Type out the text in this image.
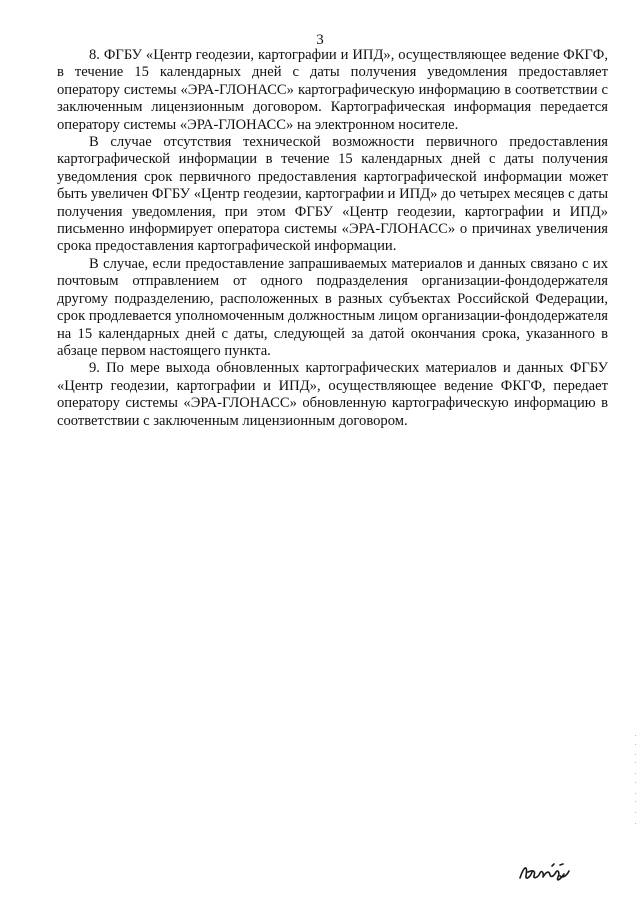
3

8. ФГБУ «Центр геодезии, картографии и ИПД», осуществляющее ведение ФКГФ, в течение 15 календарных дней с даты получения уведомления предоставляет оператору системы «ЭРА-ГЛОНАСС» картографическую информацию в соответствии с заключенным лицензионным договором. Картографическая информация передается оператору системы «ЭРА-ГЛОНАСС» на электронном носителе.

В случае отсутствия технической возможности первичного предоставления картографической информации в течение 15 календарных дней с даты получения уведомления срок первичного предоставления картографической информации может быть увеличен ФГБУ «Центр геодезии, картографии и ИПД» до четырех месяцев с даты получения уведомления, при этом ФГБУ «Центр геодезии, картографии и ИПД» письменно информирует оператора системы «ЭРА-ГЛОНАСС» о причинах увеличения срока предоставления картографической информации.

В случае, если предоставление запрашиваемых материалов и данных связано с их почтовым отправлением от одного подразделения организации-фондодержателя другому подразделению, расположенных в разных субъектах Российской Федерации, срок продлевается уполномоченным должностным лицом организации-фондодержателя на 15 календарных дней с даты, следующей за датой окончания срока, указанного в абзаце первом настоящего пункта.

9. По мере выхода обновленных картографических материалов и данных ФГБУ «Центр геодезии, картографии и ИПД», осуществляющее ведение ФКГФ, передает оператору системы «ЭРА-ГЛОНАСС» обновленную картографическую информацию в соответствии с заключенным лицензионным договором.
